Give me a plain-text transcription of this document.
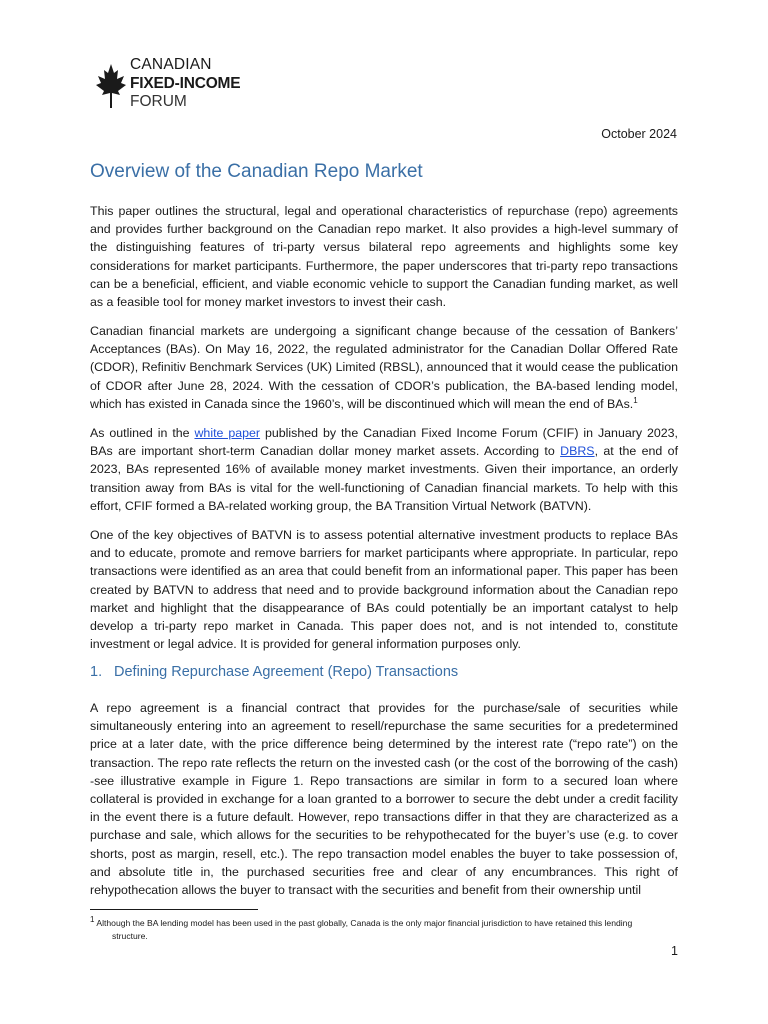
CANADIAN
FIXED-INCOME
FORUM
October 2024
Overview of the Canadian Repo Market

This paper outlines the structural, legal and operational characteristics of repurchase (repo) agreements and provides further background on the Canadian repo market. It also provides a high-level summary of the distinguishing features of tri-party versus bilateral repo agreements and highlights some key considerations for market participants. Furthermore, the paper underscores that tri-party repo transactions can be a beneficial, efficient, and viable economic vehicle to support the Canadian funding market, as well as a feasible tool for money market investors to invest their cash.

Canadian financial markets are undergoing a significant change because of the cessation of Bankers’ Acceptances (BAs). On May 16, 2022, the regulated administrator for the Canadian Dollar Offered Rate (CDOR), Refinitiv Benchmark Services (UK) Limited (RBSL), announced that it would cease the publication of CDOR after June 28, 2024. With the cessation of CDOR’s publication, the BA-based lending model, which has existed in Canada since the 1960’s, will be discontinued which will mean the end of BAs.$^1$

As outlined in the white paper published by the Canadian Fixed Income Forum (CFIF) in January 2023, BAs are important short-term Canadian dollar money market assets. According to DBRS, at the end of 2023, BAs represented 16% of available money market investments. Given their importance, an orderly transition away from BAs is vital for the well-functioning of Canadian financial markets. To help with this effort, CFIF formed a BA-related working group, the BA Transition Virtual Network (BATVN).

One of the key objectives of BATVN is to assess potential alternative investment products to replace BAs and to educate, promote and remove barriers for market participants where appropriate. In particular, repo transactions were identified as an area that could benefit from an informational paper. This paper has been created by BATVN to address that need and to provide background information about the Canadian repo market and highlight that the disappearance of BAs could potentially be an important catalyst to help develop a tri-party repo market in Canada. This paper does not, and is not intended to, constitute investment or legal advice. It is provided for general information purposes only.

1. Defining Repurchase Agreement (Repo) Transactions

A repo agreement is a financial contract that provides for the purchase/sale of securities while simultaneously entering into an agreement to resell/repurchase the same securities for a predetermined price at a later date, with the price difference being determined by the interest rate (“repo rate”) on the transaction. The repo rate reflects the return on the invested cash (or the cost of the borrowing of the cash) -see illustrative example in Figure 1. Repo transactions are similar in form to a secured loan where collateral is provided in exchange for a loan granted to a borrower to secure the debt under a credit facility in the event there is a future default. However, repo transactions differ in that they are characterized as a purchase and sale, which allows for the securities to be rehypothecated for the buyer’s use (e.g. to cover shorts, post as margin, resell, etc.). The repo transaction model enables the buyer to take possession of, and absolute title in, the purchased securities free and clear of any encumbrances. This right of rehypothecation allows the buyer to transact with the securities and benefit from their ownership until

$^1$ Although the BA lending model has been used in the past globally, Canada is the only major financial jurisdiction to have retained this lending
structure.
1
